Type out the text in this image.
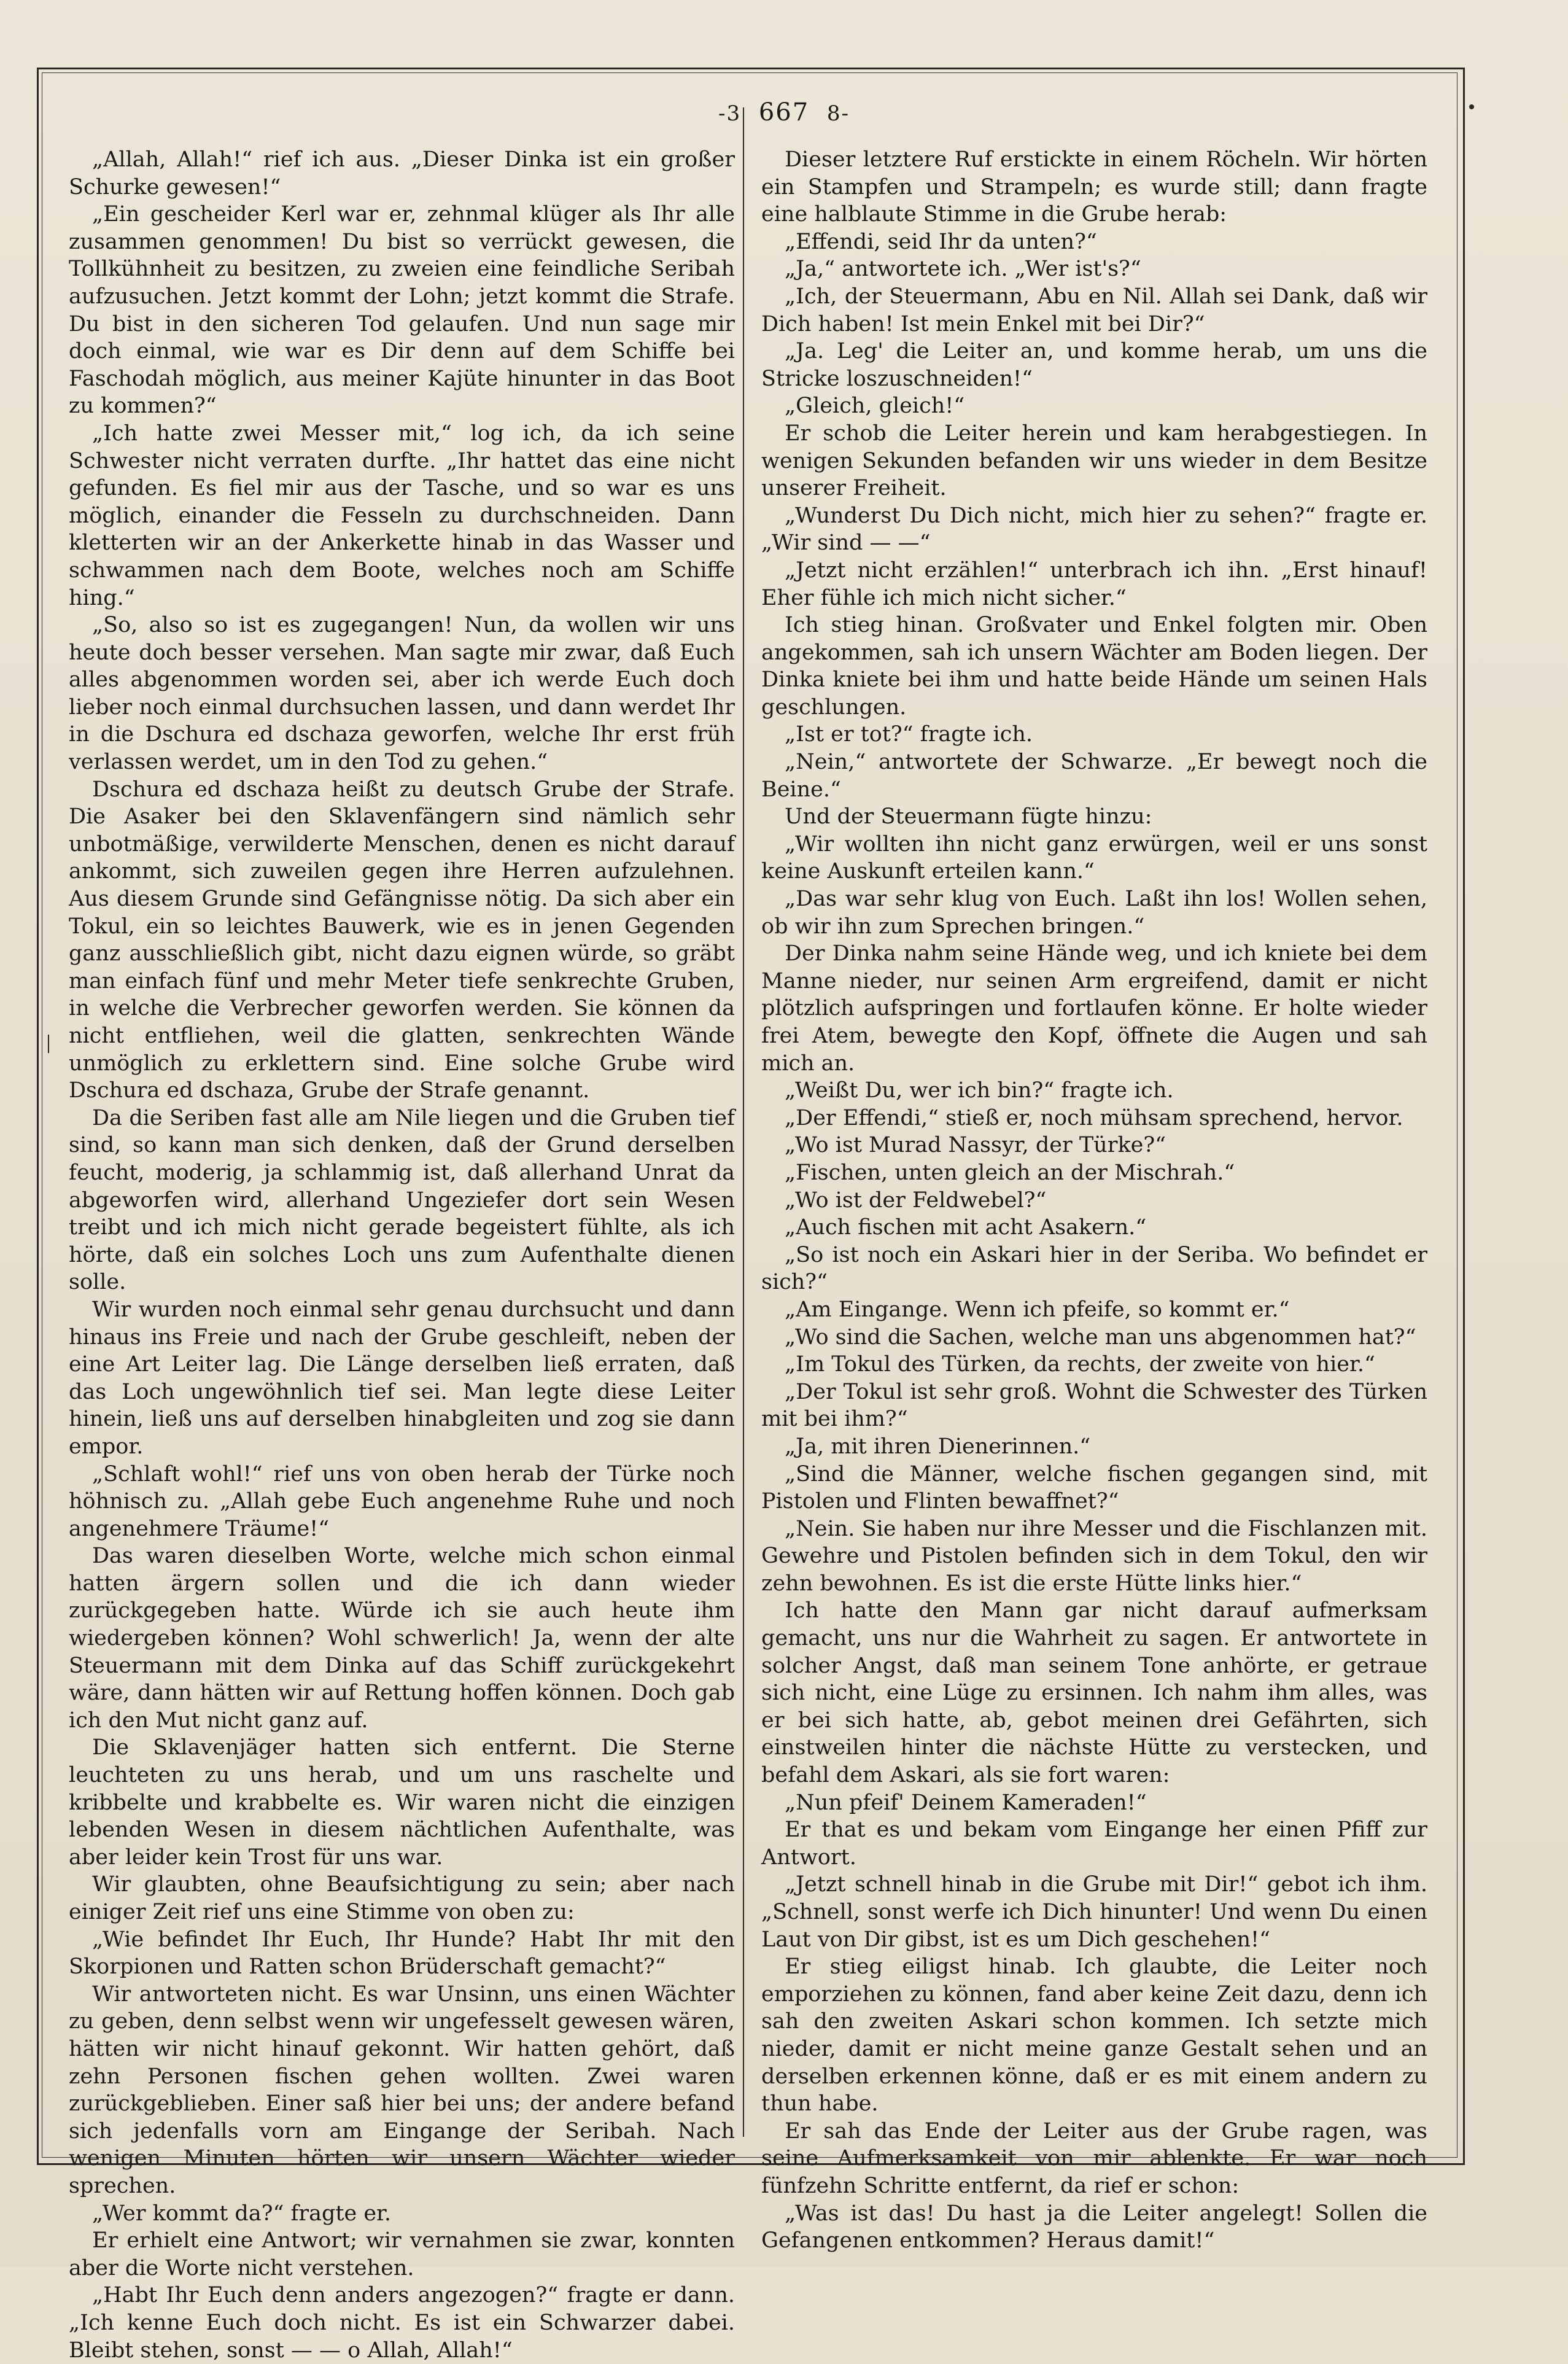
-3 667 8-

„Allah, Allah!“ rief ich aus. „Dieser Dinka ist ein großer Schurke gewesen!“

„Ein gescheider Kerl war er, zehnmal klüger als Ihr alle zusammen genommen! Du bist so verrückt gewesen, die Tollkühnheit zu besitzen, zu zweien eine feindliche Seribah aufzusuchen. Jetzt kommt der Lohn; jetzt kommt die Strafe. Du bist in den sicheren Tod gelaufen. Und nun sage mir doch einmal, wie war es Dir denn auf dem Schiffe bei Faschodah möglich, aus meiner Kajüte hinunter in das Boot zu kommen?“

„Ich hatte zwei Messer mit,“ log ich, da ich seine Schwester nicht verraten durfte. „Ihr hattet das eine nicht gefunden. Es fiel mir aus der Tasche, und so war es uns möglich, einander die Fesseln zu durchschneiden. Dann kletterten wir an der Ankerkette hinab in das Wasser und schwammen nach dem Boote, welches noch am Schiffe hing.“

„So, also so ist es zugegangen! Nun, da wollen wir uns heute doch besser versehen. Man sagte mir zwar, daß Euch alles abgenommen worden sei, aber ich werde Euch doch lieber noch einmal durchsuchen lassen, und dann werdet Ihr in die Dschura ed dschaza geworfen, welche Ihr erst früh verlassen werdet, um in den Tod zu gehen.“

Dschura ed dschaza heißt zu deutsch Grube der Strafe. Die Asaker bei den Sklavenfängern sind nämlich sehr unbotmäßige, verwilderte Menschen, denen es nicht darauf ankommt, sich zuweilen gegen ihre Herren aufzulehnen. Aus diesem Grunde sind Gefängnisse nötig. Da sich aber ein Tokul, ein so leichtes Bauwerk, wie es in jenen Gegenden ganz ausschließlich gibt, nicht dazu eignen würde, so gräbt man einfach fünf und mehr Meter tiefe senkrechte Gruben, in welche die Verbrecher geworfen werden. Sie können da nicht entfliehen, weil die glatten, senkrechten Wände unmöglich zu erklettern sind. Eine solche Grube wird Dschura ed dschaza, Grube der Strafe genannt.

Da die Seriben fast alle am Nile liegen und die Gruben tief sind, so kann man sich denken, daß der Grund derselben feucht, moderig, ja schlammig ist, daß allerhand Unrat da abgeworfen wird, allerhand Ungeziefer dort sein Wesen treibt und ich mich nicht gerade begeistert fühlte, als ich hörte, daß ein solches Loch uns zum Aufenthalte dienen solle.

Wir wurden noch einmal sehr genau durchsucht und dann hinaus ins Freie und nach der Grube geschleift, neben der eine Art Leiter lag. Die Länge derselben ließ erraten, daß das Loch ungewöhnlich tief sei. Man legte diese Leiter hinein, ließ uns auf derselben hinabgleiten und zog sie dann empor.

„Schlaft wohl!“ rief uns von oben herab der Türke noch höhnisch zu. „Allah gebe Euch angenehme Ruhe und noch angenehmere Träume!“

Das waren dieselben Worte, welche mich schon einmal hatten ärgern sollen und die ich dann wieder zurückgegeben hatte. Würde ich sie auch heute ihm wiedergeben können? Wohl schwerlich! Ja, wenn der alte Steuermann mit dem Dinka auf das Schiff zurückgekehrt wäre, dann hätten wir auf Rettung hoffen können. Doch gab ich den Mut nicht ganz auf.

Die Sklavenjäger hatten sich entfernt. Die Sterne leuchteten zu uns herab, und um uns raschelte und kribbelte und krabbelte es. Wir waren nicht die einzigen lebenden Wesen in diesem nächtlichen Aufenthalte, was aber leider kein Trost für uns war.

Wir glaubten, ohne Beaufsichtigung zu sein; aber nach einiger Zeit rief uns eine Stimme von oben zu:

„Wie befindet Ihr Euch, Ihr Hunde? Habt Ihr mit den Skorpionen und Ratten schon Brüderschaft gemacht?“

Wir antworteten nicht. Es war Unsinn, uns einen Wächter zu geben, denn selbst wenn wir ungefesselt gewesen wären, hätten wir nicht hinauf gekonnt. Wir hatten gehört, daß zehn Personen fischen gehen wollten. Zwei waren zurückgeblieben. Einer saß hier bei uns; der andere befand sich jedenfalls vorn am Eingange der Seribah. Nach wenigen Minuten hörten wir unsern Wächter wieder sprechen.

„Wer kommt da?“ fragte er.

Er erhielt eine Antwort; wir vernahmen sie zwar, konnten aber die Worte nicht verstehen.

„Habt Ihr Euch denn anders angezogen?“ fragte er dann. „Ich kenne Euch doch nicht. Es ist ein Schwarzer dabei. Bleibt stehen, sonst — — o Allah, Allah!“

Dieser letztere Ruf erstickte in einem Röcheln. Wir hörten ein Stampfen und Strampeln; es wurde still; dann fragte eine halblaute Stimme in die Grube herab:

„Effendi, seid Ihr da unten?“

„Ja,“ antwortete ich. „Wer ist's?“

„Ich, der Steuermann, Abu en Nil. Allah sei Dank, daß wir Dich haben! Ist mein Enkel mit bei Dir?“

„Ja. Leg' die Leiter an, und komme herab, um uns die Stricke loszuschneiden!“

„Gleich, gleich!“

Er schob die Leiter herein und kam herabgestiegen. In wenigen Sekunden befanden wir uns wieder in dem Besitze unserer Freiheit.

„Wunderst Du Dich nicht, mich hier zu sehen?“ fragte er. „Wir sind — —“

„Jetzt nicht erzählen!“ unterbrach ich ihn. „Erst hinauf! Eher fühle ich mich nicht sicher.“

Ich stieg hinan. Großvater und Enkel folgten mir. Oben angekommen, sah ich unsern Wächter am Boden liegen. Der Dinka kniete bei ihm und hatte beide Hände um seinen Hals geschlungen.

„Ist er tot?“ fragte ich.

„Nein,“ antwortete der Schwarze. „Er bewegt noch die Beine.“

Und der Steuermann fügte hinzu:

„Wir wollten ihn nicht ganz erwürgen, weil er uns sonst keine Auskunft erteilen kann.“

„Das war sehr klug von Euch. Laßt ihn los! Wollen sehen, ob wir ihn zum Sprechen bringen.“

Der Dinka nahm seine Hände weg, und ich kniete bei dem Manne nieder, nur seinen Arm ergreifend, damit er nicht plötzlich aufspringen und fortlaufen könne. Er holte wieder frei Atem, bewegte den Kopf, öffnete die Augen und sah mich an.

„Weißt Du, wer ich bin?“ fragte ich.

„Der Effendi,“ stieß er, noch mühsam sprechend, hervor.

„Wo ist Murad Nassyr, der Türke?“

„Fischen, unten gleich an der Mischrah.“

„Wo ist der Feldwebel?“

„Auch fischen mit acht Asakern.“

„So ist noch ein Askari hier in der Seriba. Wo befindet er sich?“

„Am Eingange. Wenn ich pfeife, so kommt er.“

„Wo sind die Sachen, welche man uns abgenommen hat?“

„Im Tokul des Türken, da rechts, der zweite von hier.“

„Der Tokul ist sehr groß. Wohnt die Schwester des Türken mit bei ihm?“

„Ja, mit ihren Dienerinnen.“

„Sind die Männer, welche fischen gegangen sind, mit Pistolen und Flinten bewaffnet?“

„Nein. Sie haben nur ihre Messer und die Fischlanzen mit. Gewehre und Pistolen befinden sich in dem Tokul, den wir zehn bewohnen. Es ist die erste Hütte links hier.“

Ich hatte den Mann gar nicht darauf aufmerksam gemacht, uns nur die Wahrheit zu sagen. Er antwortete in solcher Angst, daß man seinem Tone anhörte, er getraue sich nicht, eine Lüge zu ersinnen. Ich nahm ihm alles, was er bei sich hatte, ab, gebot meinen drei Gefährten, sich einstweilen hinter die nächste Hütte zu verstecken, und befahl dem Askari, als sie fort waren:

„Nun pfeif' Deinem Kameraden!“

Er that es und bekam vom Eingange her einen Pfiff zur Antwort.

„Jetzt schnell hinab in die Grube mit Dir!“ gebot ich ihm. „Schnell, sonst werfe ich Dich hinunter! Und wenn Du einen Laut von Dir gibst, ist es um Dich geschehen!“

Er stieg eiligst hinab. Ich glaubte, die Leiter noch emporziehen zu können, fand aber keine Zeit dazu, denn ich sah den zweiten Askari schon kommen. Ich setzte mich nieder, damit er nicht meine ganze Gestalt sehen und an derselben erkennen könne, daß er es mit einem andern zu thun habe.

Er sah das Ende der Leiter aus der Grube ragen, was seine Aufmerksamkeit von mir ablenkte. Er war noch fünfzehn Schritte entfernt, da rief er schon:

„Was ist das! Du hast ja die Leiter angelegt! Sollen die Gefangenen entkommen? Heraus damit!“
